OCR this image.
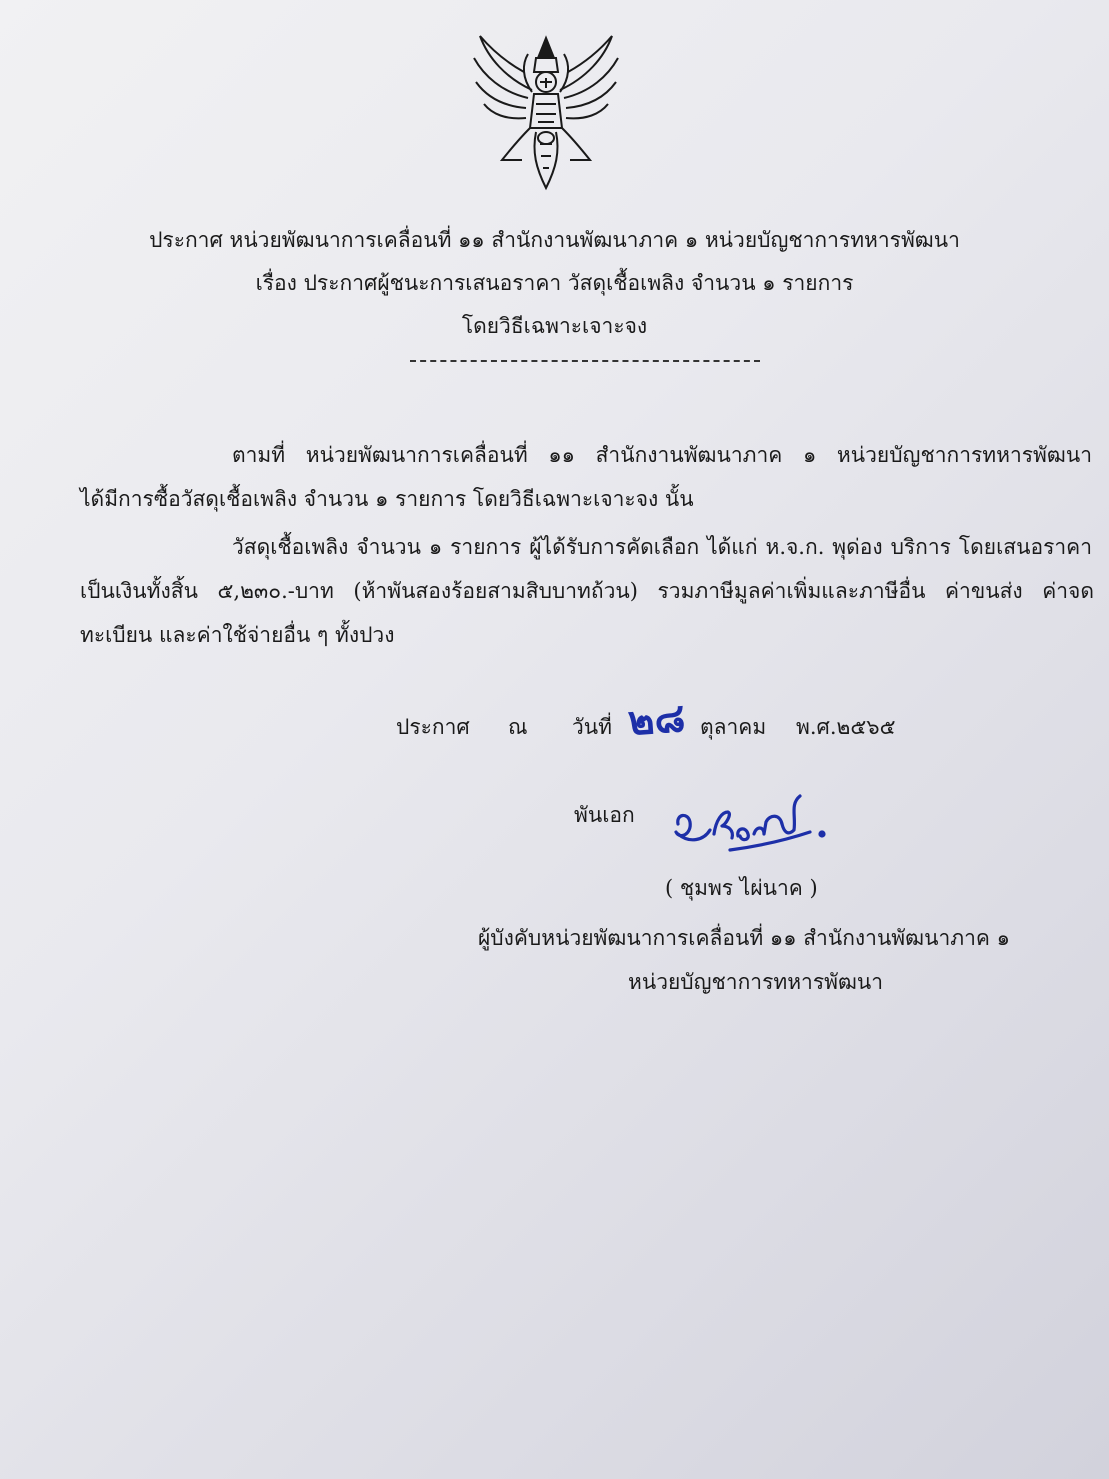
ประกาศ หน่วยพัฒนาการเคลื่อนที่ ๑๑ สำนักงานพัฒนาภาค ๑ หน่วยบัญชาการทหารพัฒนา
เรื่อง ประกาศผู้ชนะการเสนอราคา วัสดุเชื้อเพลิง จำนวน ๑ รายการ
โดยวิธีเฉพาะเจาะจง
ตามที่ หน่วยพัฒนาการเคลื่อนที่ ๑๑ สำนักงานพัฒนาภาค ๑ หน่วยบัญชาการทหารพัฒนา
ได้มีการซื้อวัสดุเชื้อเพลิง จำนวน ๑ รายการ โดยวิธีเฉพาะเจาะจง นั้น
วัสดุเชื้อเพลิง จำนวน ๑ รายการ ผู้ได้รับการคัดเลือก ได้แก่ ห.จ.ก. พุด่อง บริการ โดยเสนอราคา
เป็นเงินทั้งสิ้น ๕,๒๓๐.-บาท (ห้าพันสองร้อยสามสิบบาทถ้วน) รวมภาษีมูลค่าเพิ่มและภาษีอื่น ค่าขนส่ง ค่าจด
ทะเบียน และค่าใช้จ่ายอื่น ๆ ทั้งปวง
ประกาศ ณ วันที่ ๒๘ ตุลาคม พ.ศ.๒๕๖๕
พันเอก
( ชุมพร ไผ่นาค )
ผู้บังคับหน่วยพัฒนาการเคลื่อนที่ ๑๑ สำนักงานพัฒนาภาค ๑
หน่วยบัญชาการทหารพัฒนา
